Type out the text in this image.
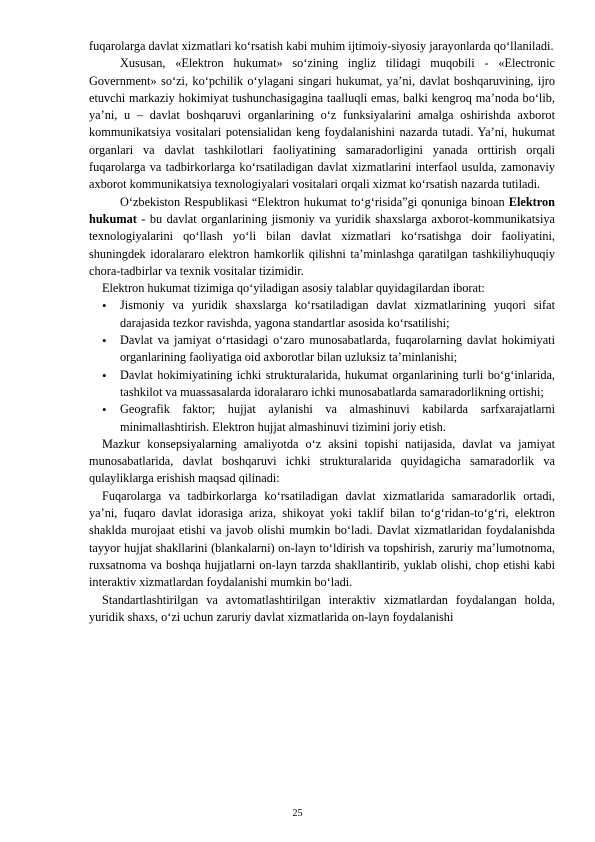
fuqarolarga davlat xizmatlari ko‘rsatish kabi muhim ijtimoiy-siyosiy jarayonlarda qo‘llaniladi.

Xususan, «Elektron hukumat» so‘zining ingliz tilidagi muqobili - «Electronic Government» so‘zi, ko‘pchilik o‘ylagani singari hukumat, ya’ni, davlat boshqaruvining, ijro etuvchi markaziy hokimiyat tushunchasigagina taalluqli emas, balki kengroq ma’noda bo‘lib, ya’ni, u – davlat boshqaruvi organlarining o‘z funksiyalarini amalga oshirishda axborot kommunikatsiya vositalari potensialidan keng foydalanishini nazarda tutadi. Ya’ni, hukumat organlari va davlat tashkilotlari faoliyatining samaradorligini yanada orttirish orqali fuqarolarga va tadbirkorlarga ko‘rsatiladigan davlat xizmatlarini interfaol usulda, zamonaviy axborot kommunikatsiya texnologiyalari vositalari orqali xizmat ko‘rsatish nazarda tutiladi.

O‘zbekiston Respublikasi “Elektron hukumat to‘g‘risida”gi qonuniga binoan Elektron hukumat - bu davlat organlarining jismoniy va yuridik shaxslarga axborot-kommunikatsiya texnologiyalarini qo‘llash yo‘li bilan davlat xizmatlari ko‘rsatishga doir faoliyatini, shuningdek idoralararo elektron hamkorlik qilishni ta’minlashga qaratilgan tashkiliyhuquqiy chora-tadbirlar va texnik vositalar tizimidir.

Elektron hukumat tizimiga qo‘yiladigan asosiy talablar quyidagilardan iborat:

• Jismoniy va yuridik shaxslarga ko‘rsatiladigan davlat xizmatlarining yuqori sifat darajasida tezkor ravishda, yagona standartlar asosida ko‘rsatilishi;
• Davlat va jamiyat o‘rtasidagi o‘zaro munosabatlarda, fuqarolarning davlat hokimiyati organlarining faoliyatiga oid axborotlar bilan uzluksiz ta’minlanishi;
• Davlat hokimiyatining ichki strukturalarida, hukumat organlarining turli bo‘g‘inlarida, tashkilot va muassasalarda idoralararo ichki munosabatlarda samaradorlikning ortishi;
• Geografik faktor; hujjat aylanishi va almashinuvi kabilarda sarfxarajatlarni minimallashtirish. Elektron hujjat almashinuvi tizimini joriy etish.

Mazkur konsepsiyalarning amaliyotda o‘z aksini topishi natijasida, davlat va jamiyat munosabatlarida, davlat boshqaruvi ichki strukturalarida quyidagicha samaradorlik va qulayliklarga erishish maqsad qilinadi:

Fuqarolarga va tadbirkorlarga ko‘rsatiladigan davlat xizmatlarida samaradorlik ortadi, ya’ni, fuqaro davlat idorasiga ariza, shikoyat yoki taklif bilan to‘g‘ridan-to‘g‘ri, elektron shaklda murojaat etishi va javob olishi mumkin bo‘ladi. Davlat xizmatlaridan foydalanishda tayyor hujjat shakllarini (blankalarni) on-layn to‘ldirish va topshirish, zaruriy ma’lumotnoma, ruxsatnoma va boshqa hujjatlarni on-layn tarzda shakllantirib, yuklab olishi, chop etishi kabi interaktiv xizmatlardan foydalanishi mumkin bo‘ladi.

Standartlashtirilgan va avtomatlashtirilgan interaktiv xizmatlardan foydalangan holda, yuridik shaxs, o‘zi uchun zaruriy davlat xizmatlarida on-layn foydalanishi

25
